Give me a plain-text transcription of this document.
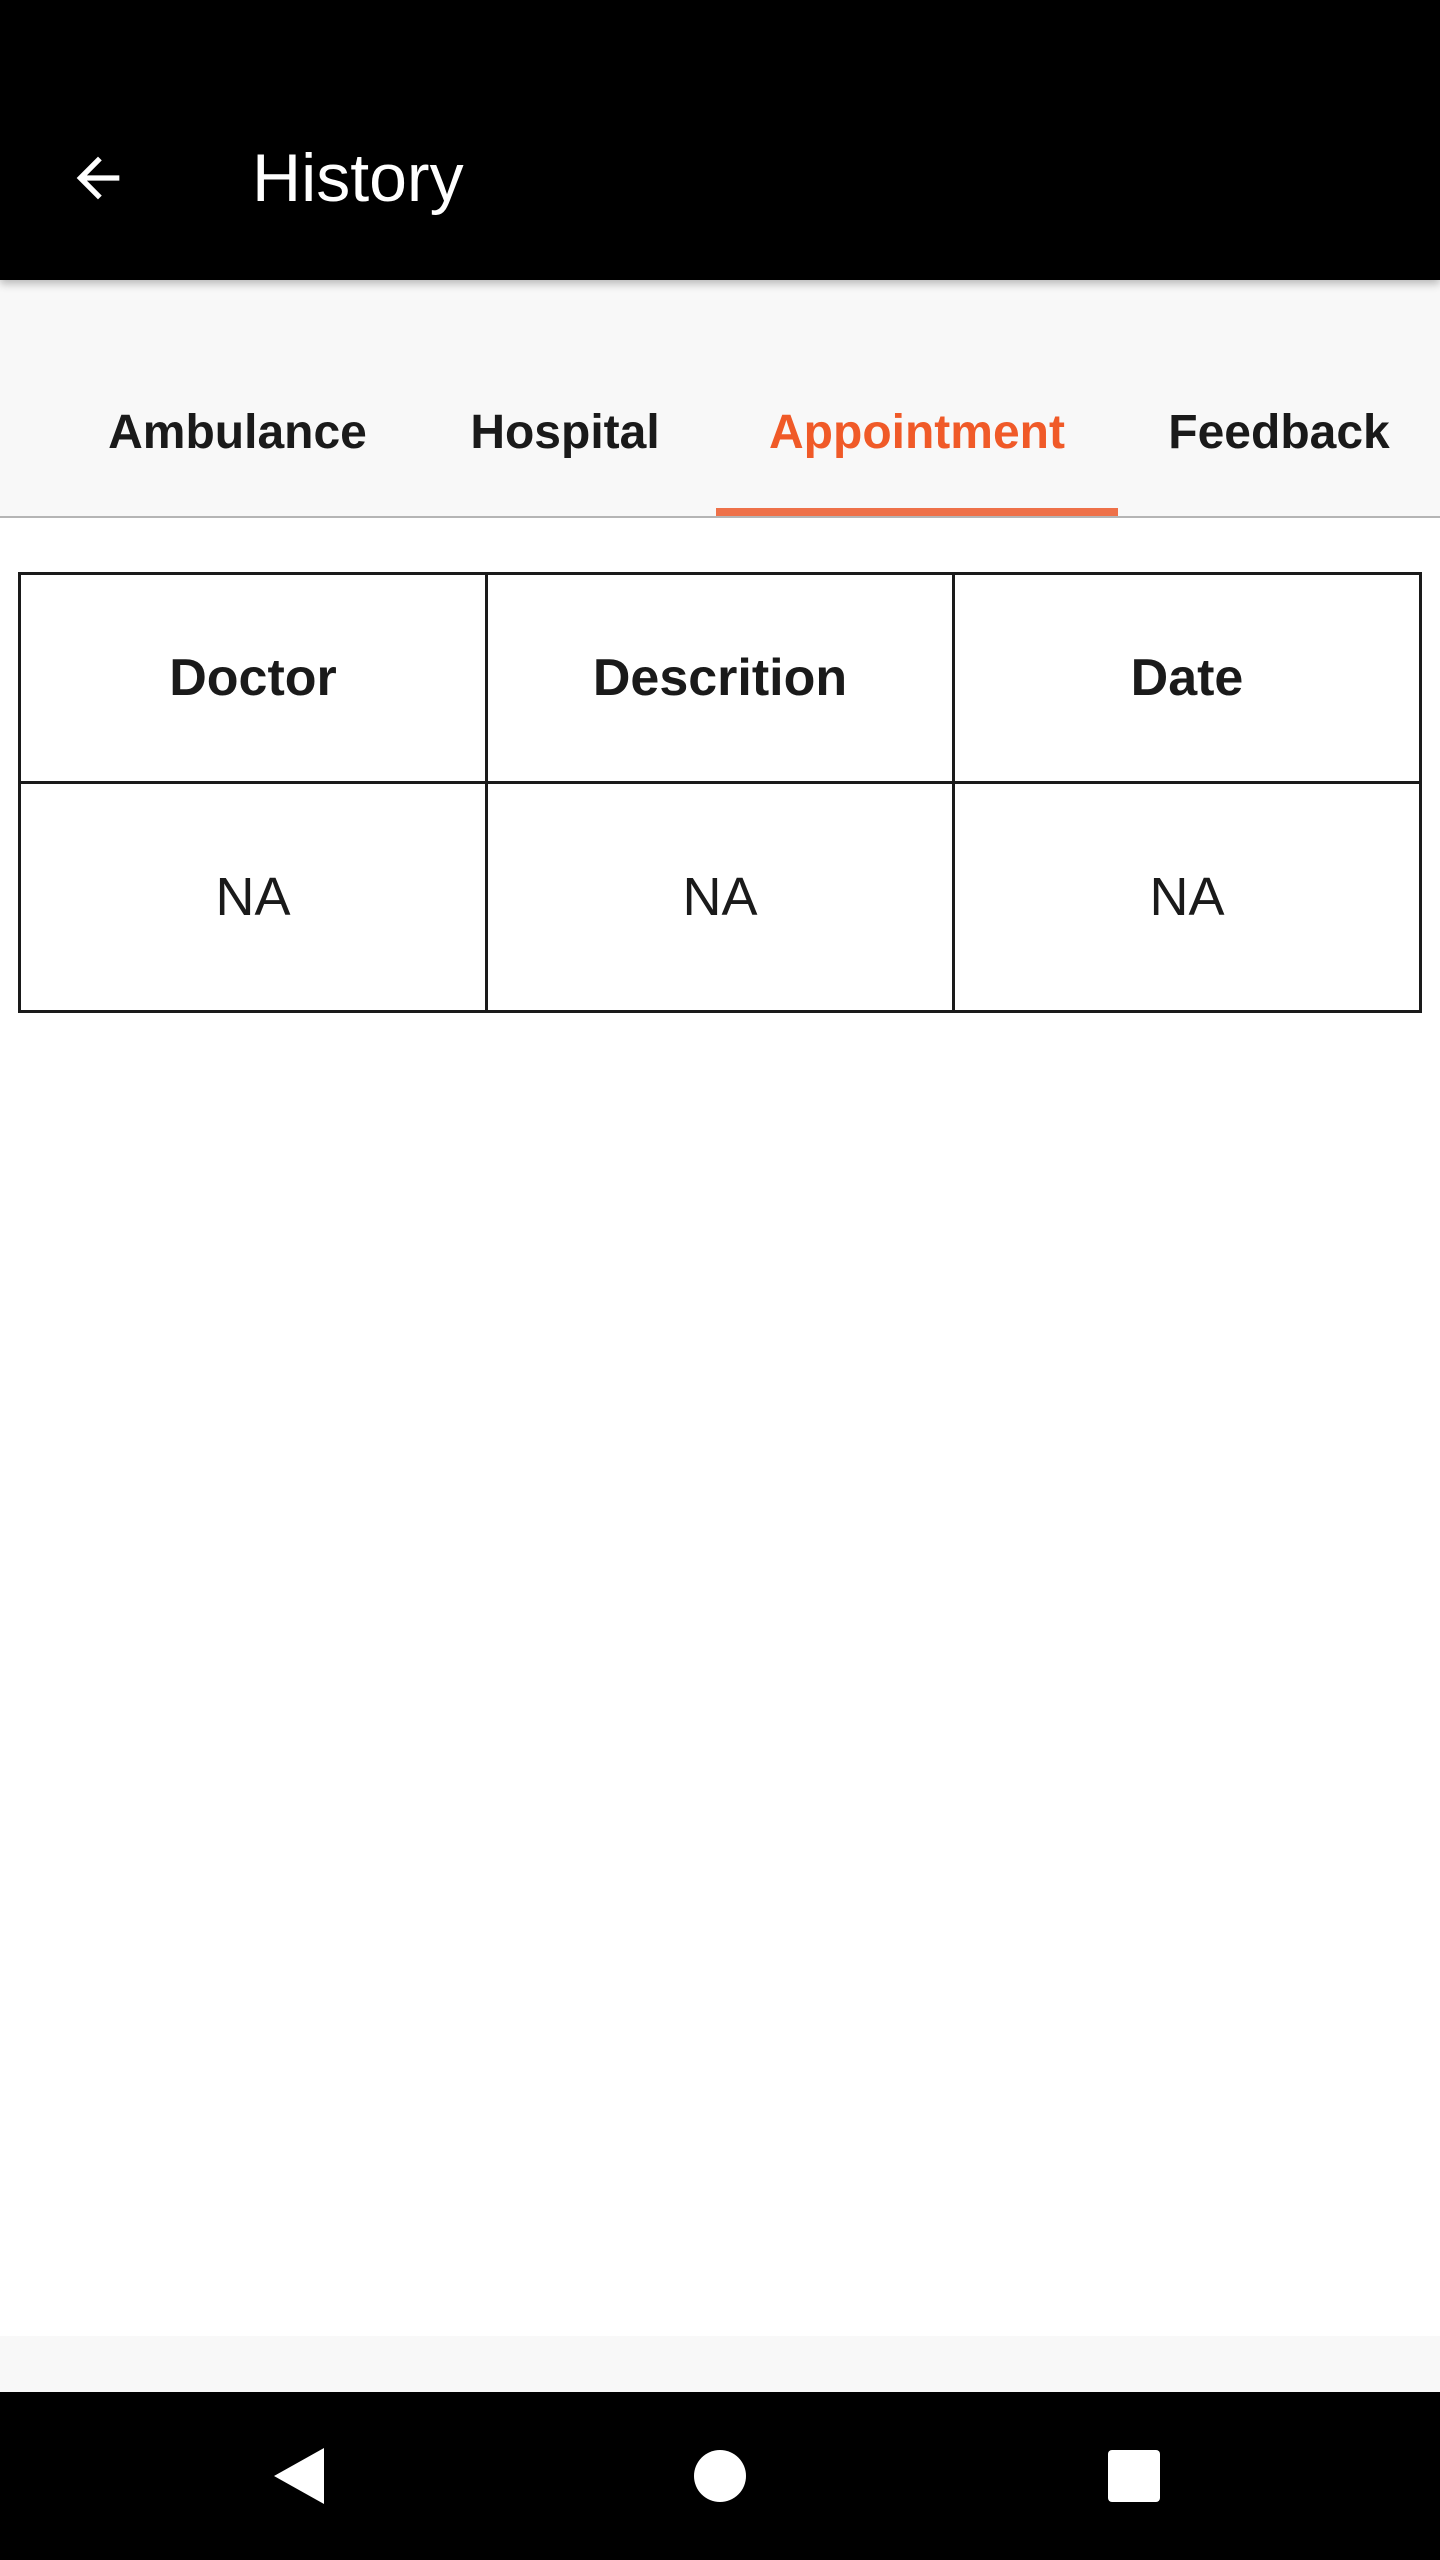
History
Ambulance	Hospital	Appointment	Feedback
Doctor	Descrition	Date
NA	NA	NA
